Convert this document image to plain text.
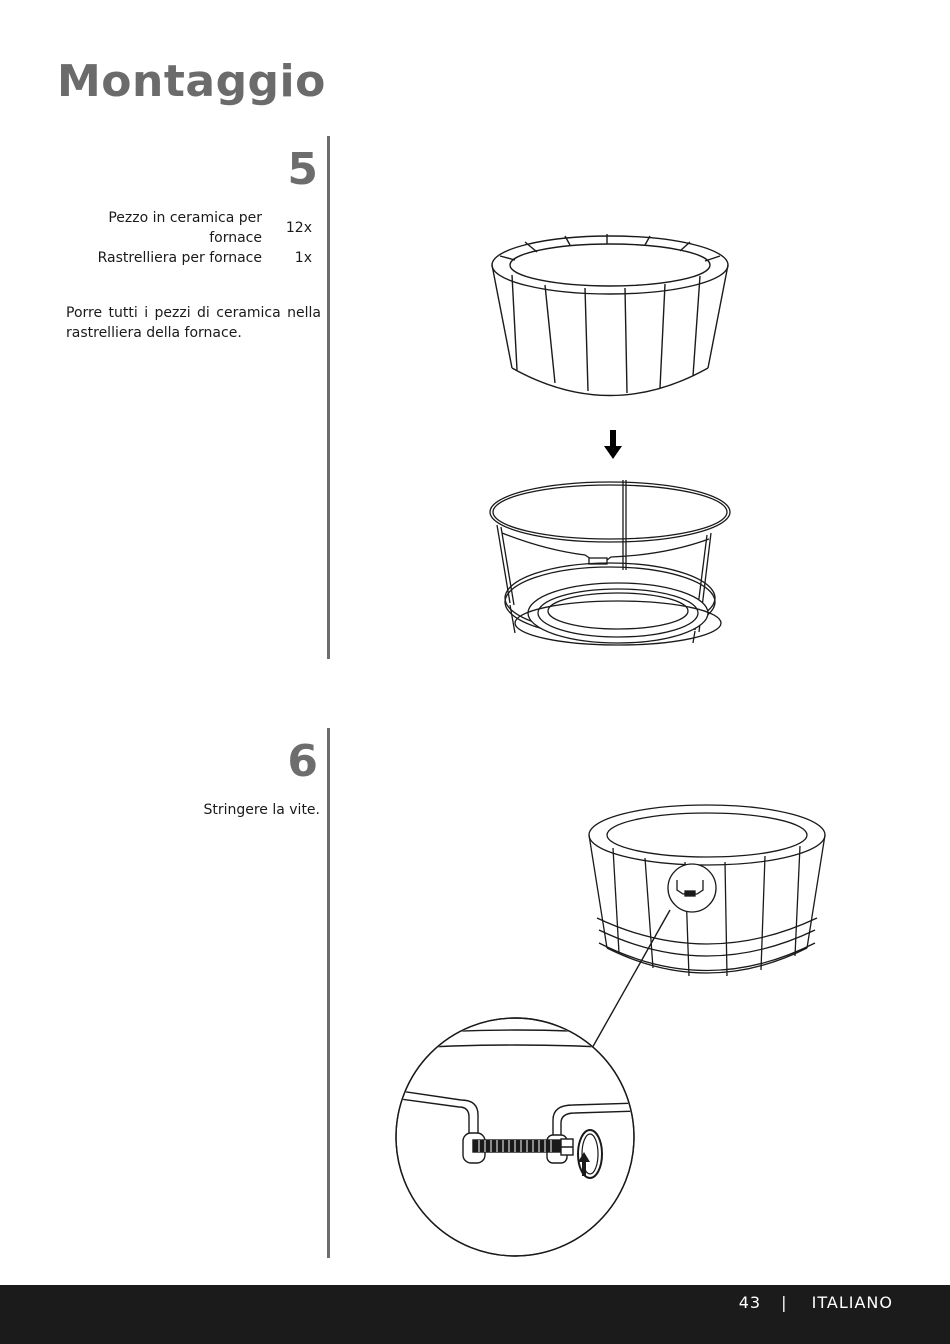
Montaggio
5
Pezzo in ceramica per fornace
12x
Rastrelliera per fornace	1x

Porre tutti i pezzi di ceramica nella rastrelliera della fornace.

6

Stringere la vite.

43 | ITALIANO
